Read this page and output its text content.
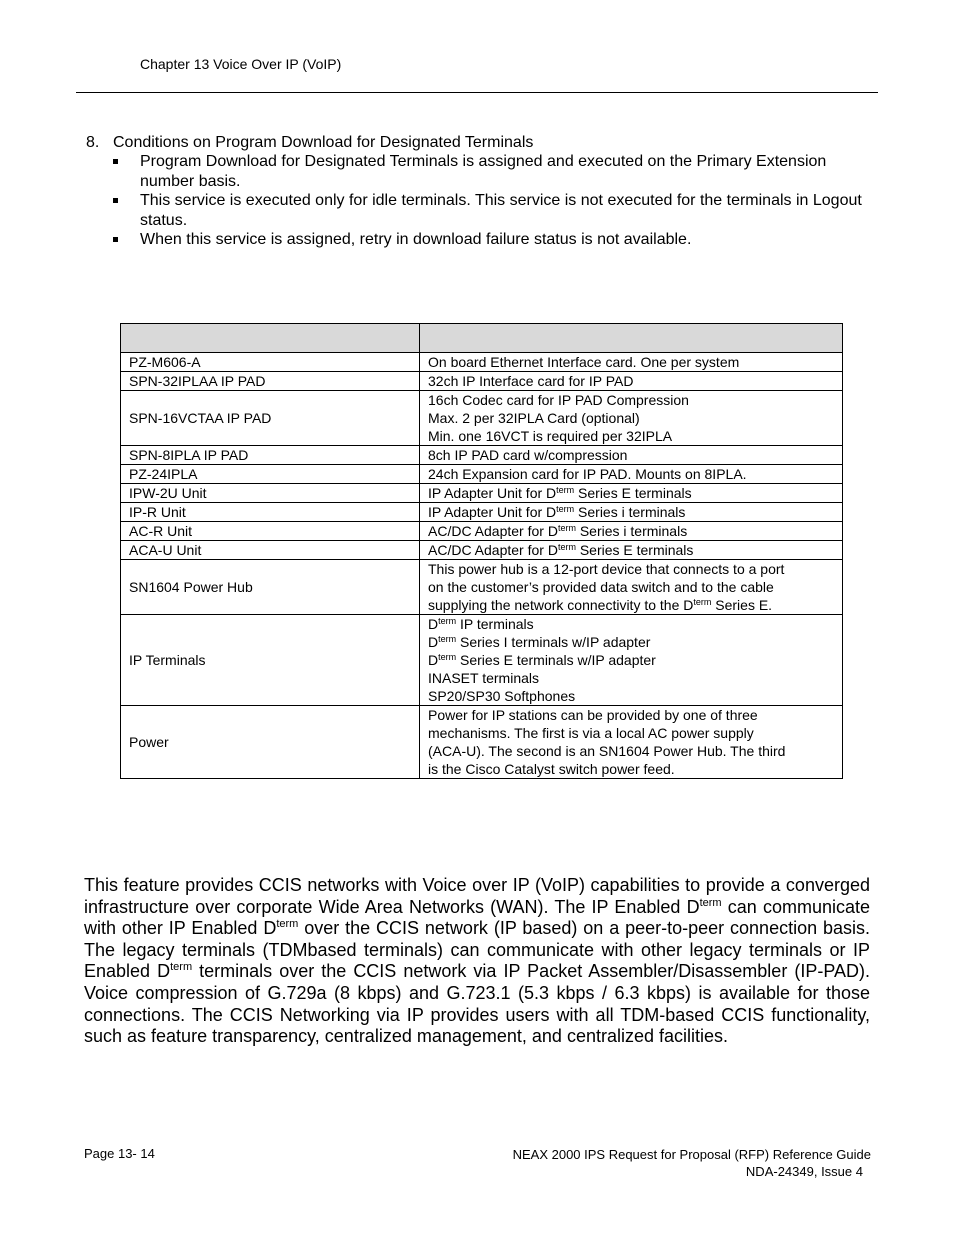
Chapter 13 Voice Over IP (VoIP)
8. Conditions on Program Download for Designated Terminals
Program Download for Designated Terminals is assigned and executed on the Primary Extension number basis.
This service is executed only for idle terminals. This service is not executed for the terminals in Logout status.
When this service is assigned, retry in download failure status is not available.

PZ-M606-A	On board Ethernet Interface card. One per system
SPN-32IPLAA IP PAD	32ch IP Interface card for IP PAD
SPN-16VCTAA IP PAD	16ch Codec card for IP PAD Compression
Max. 2 per 32IPLA Card (optional)
Min. one 16VCT is required per 32IPLA

SPN-8IPLA IP PAD	8ch IP PAD card w/compression
PZ-24IPLA	24ch Expansion card for IP PAD. Mounts on 8IPLA.
IPW-2U Unit	IP Adapter Unit for $D^{term}$ Series E terminals
IP-R Unit	IP Adapter Unit for $D^{term}$ Series i terminals
AC-R Unit	AC/DC Adapter for $D^{term}$ Series i terminals
ACA-U Unit	AC/DC Adapter for $D^{term}$ Series E terminals
SN1604 Power Hub	This power hub is a 12-port device that connects to a port
on the customer’s provided data switch and to the cable
supplying the network connectivity to the $D^{term}$ Series E.

IP Terminals	$D^{term}$ IP terminals
$D^{term}$ Series I terminals w/IP adapter
$D^{term}$ Series E terminals w/IP adapter
INASET terminals
SP20/SP30 Softphones

Power	Power for IP stations can be provided by one of three
mechanisms. The first is via a local AC power supply
(ACA-U). The second is an SN1604 Power Hub. The third
is the Cisco Catalyst switch power feed.
This feature provides CCIS networks with Voice over IP (VoIP) capabilities to provide a converged infrastructure over corporate Wide Area Networks (WAN). The IP Enabled $D^{term}$ can communicate with other IP Enabled $D^{term}$ over the CCIS network (IP based) on a peer-to-peer connection basis. The legacy terminals (TDMbased terminals) can communicate with other legacy terminals or IP Enabled $D^{term}$ terminals over the CCIS network via IP Packet Assembler/Disassembler (IP-PAD). Voice compression of G.729a (8 kbps) and G.723.1 (5.3 kbps / 6.3 kbps) is available for those connections. The CCIS Networking via IP provides users with all TDM-based CCIS functionality, such as feature transparency, centralized management, and centralized facilities.
Page 13- 14	NEAX 2000 IPS Request for Proposal (RFP) Reference Guide
NDA-24349, Issue 4
